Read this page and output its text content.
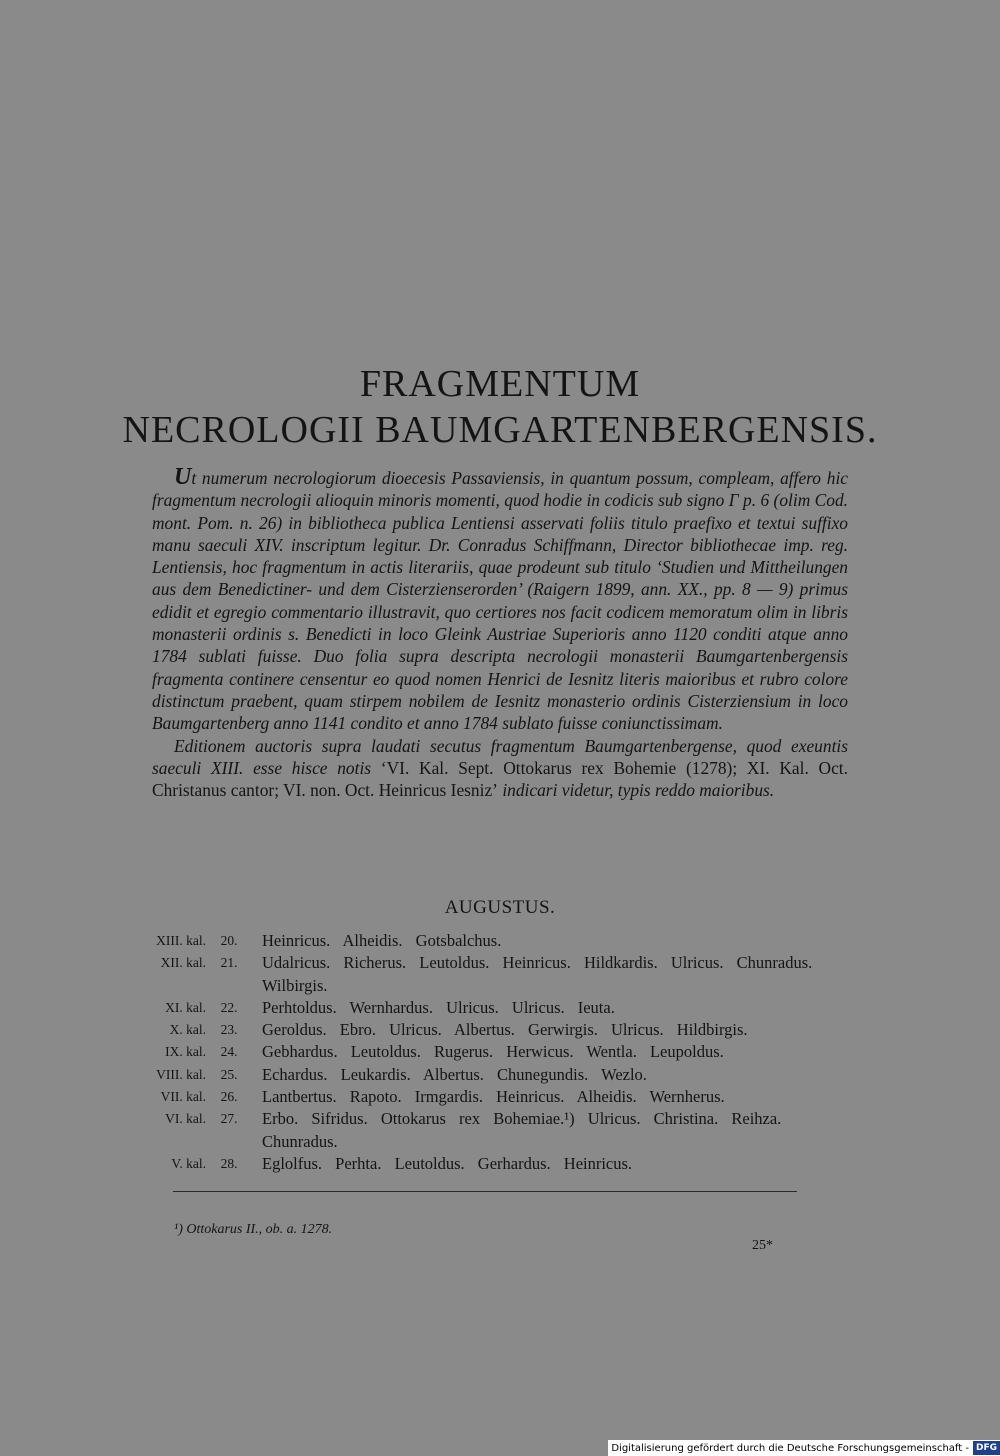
FRAGMENTUM
NECROLOGII BAUMGARTENBERGENSIS.

Ut numerum necrologiorum dioecesis Passaviensis, in quantum possum, compleam, affero hic fragmentum necrologii alioquin minoris momenti, quod hodie in codicis sub signo Γ p. 6 (olim Cod. mont. Pom. n. 26) in bibliotheca publica Lentiensi asservati foliis titulo praefixo et textui suffixo manu saeculi XIV. inscriptum legitur. Dr. Conradus Schiffmann, Director bibliothecae imp. reg. Lentiensis, hoc fragmentum in actis literariis, quae prodeunt sub titulo ‘Studien und Mittheilungen aus dem Benedictiner- und dem Cisterzienserorden’ (Raigern 1899, ann. XX., pp. 8 — 9) primus edidit et egregio commentario illustravit, quo certiores nos facit codicem memoratum olim in libris monasterii ordinis s. Benedicti in loco Gleink Austriae Superioris anno 1120 conditi atque anno 1784 sublati fuisse. Duo folia supra descripta necrologii monasterii Baumgartenbergensis fragmenta continere censentur eo quod nomen Henrici de Iesnitz literis maioribus et rubro colore distinctum praebent, quam stirpem nobilem de Iesnitz monasterio ordinis Cisterziensium in loco Baumgartenberg anno 1141 condito et anno 1784 sublato fuisse coniunctissimam.

Editionem auctoris supra laudati secutus fragmentum Baumgartenbergense, quod exeuntis saeculi XIII. esse hisce notis ‘VI. Kal. Sept. Ottokarus rex Bohemie (1278); XI. Kal. Oct. Christanus cantor; VI. non. Oct. Heinricus Iesniz’ indicari videtur, typis reddo maioribus.

AUGUSTUS.
XIII. kal.	20.	Heinricus. Alheidis. Gotsbalchus.
XII. kal.	21.	Udalricus. Richerus. Leutoldus. Heinricus. Hildkardis. Ulricus. Chunradus. Wilbirgis.
XI. kal.	22.	Perhtoldus. Wernhardus. Ulricus. Ulricus. Ieuta.
X. kal.	23.	Geroldus. Ebro. Ulricus. Albertus. Gerwirgis. Ulricus. Hildbirgis.
IX. kal.	24.	Gebhardus. Leutoldus. Rugerus. Herwicus. Wentla. Leupoldus.
VIII. kal.	25.	Echardus. Leukardis. Albertus. Chunegundis. Wezlo.
VII. kal.	26.	Lantbertus. Rapoto. Irmgardis. Heinricus. Alheidis. Wernherus.
VI. kal.	27.	Erbo. Sifridus. Ottokarus rex Bohemiae.¹) Ulricus. Christina. Reihza. Chunradus.
V. kal.	28.	Eglolfus. Perhta. Leutoldus. Gerhardus. Heinricus.
¹) Ottokarus II., ob. a. 1278.
25*
Digitalisierung gefördert durch die Deutsche Forschungsgemeinschaft - DFG
